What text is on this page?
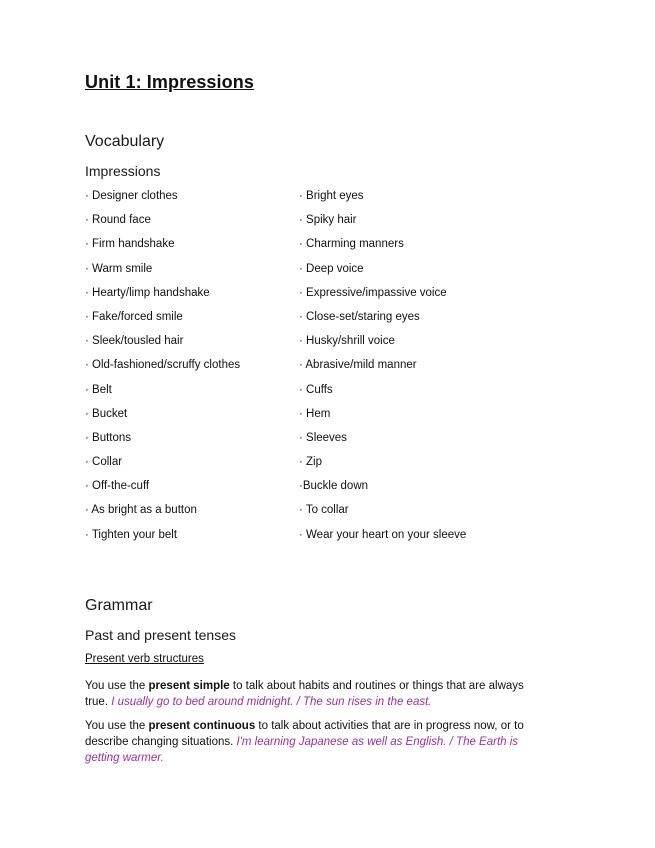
Unit 1: Impressions
Vocabulary
Impressions
· Designer clothes
· Round face
· Firm handshake
· Warm smile
· Hearty/limp handshake
· Fake/forced smile
· Sleek/tousled hair
· Old-fashioned/scruffy clothes
· Belt
· Bucket
· Buttons
· Collar
· Off-the-cuff
· As bright as a button
· Tighten your belt
· Bright eyes
· Spiky hair
· Charming manners
· Deep voice
· Expressive/impassive voice
· Close-set/staring eyes
· Husky/shrill voice
· Abrasive/mild manner
· Cuffs
· Hem
· Sleeves
· Zip
·Buckle down
· To collar
· Wear your heart on your sleeve
Grammar
Past and present tenses

Present verb structures

You use the present simple to talk about habits and routines or things that are always true. I usually go to bed around midnight. / The sun rises in the east.

You use the present continuous to talk about activities that are in progress now, or to describe changing situations. I'm learning Japanese as well as English. / The Earth is getting warmer.
